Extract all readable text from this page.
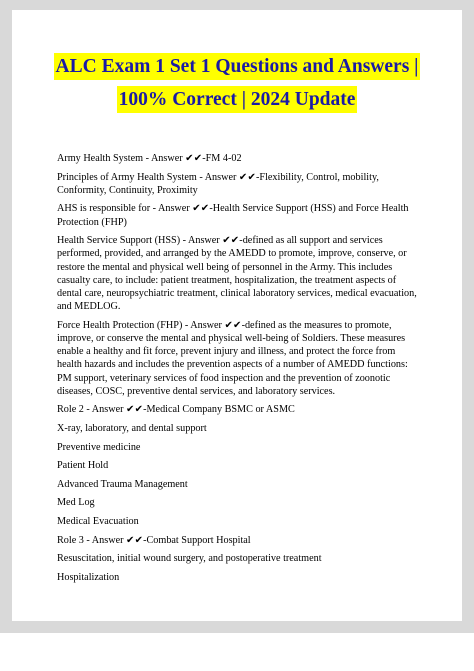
ALC Exam 1 Set 1 Questions and Answers |
100% Correct | 2024 Update

Army Health System - Answer ✔✔-FM 4-02

Principles of Army Health System - Answer ✔✔-Flexibility, Control, mobility, Conformity, Continuity, Proximity

AHS is responsible for - Answer ✔✔-Health Service Support (HSS) and Force Health Protection (FHP)

Health Service Support (HSS) - Answer ✔✔-defined as all support and services performed, provided, and arranged by the AMEDD to promote, improve, conserve, or restore the mental and physical well being of personnel in the Army. This includes casualty care, to include: patient treatment, hospitalization, the treatment aspects of dental care, neuropsychiatric treatment, clinical laboratory services, medical evacuation, and MEDLOG.

Force Health Protection (FHP) - Answer ✔✔-defined as the measures to promote, improve, or conserve the mental and physical well-being of Soldiers. These measures enable a healthy and fit force, prevent injury and illness, and protect the force from health hazards and includes the prevention aspects of a number of AMEDD functions: PM support, veterinary services of food inspection and the prevention of zoonotic diseases, COSC, preventive dental services, and laboratory services.

Role 2 - Answer ✔✔-Medical Company BSMC or ASMC

X-ray, laboratory, and dental support

Preventive medicine

Patient Hold

Advanced Trauma Management

Med Log

Medical Evacuation

Role 3 - Answer ✔✔-Combat Support Hospital

Resuscitation, initial wound surgery, and postoperative treatment

Hospitalization
